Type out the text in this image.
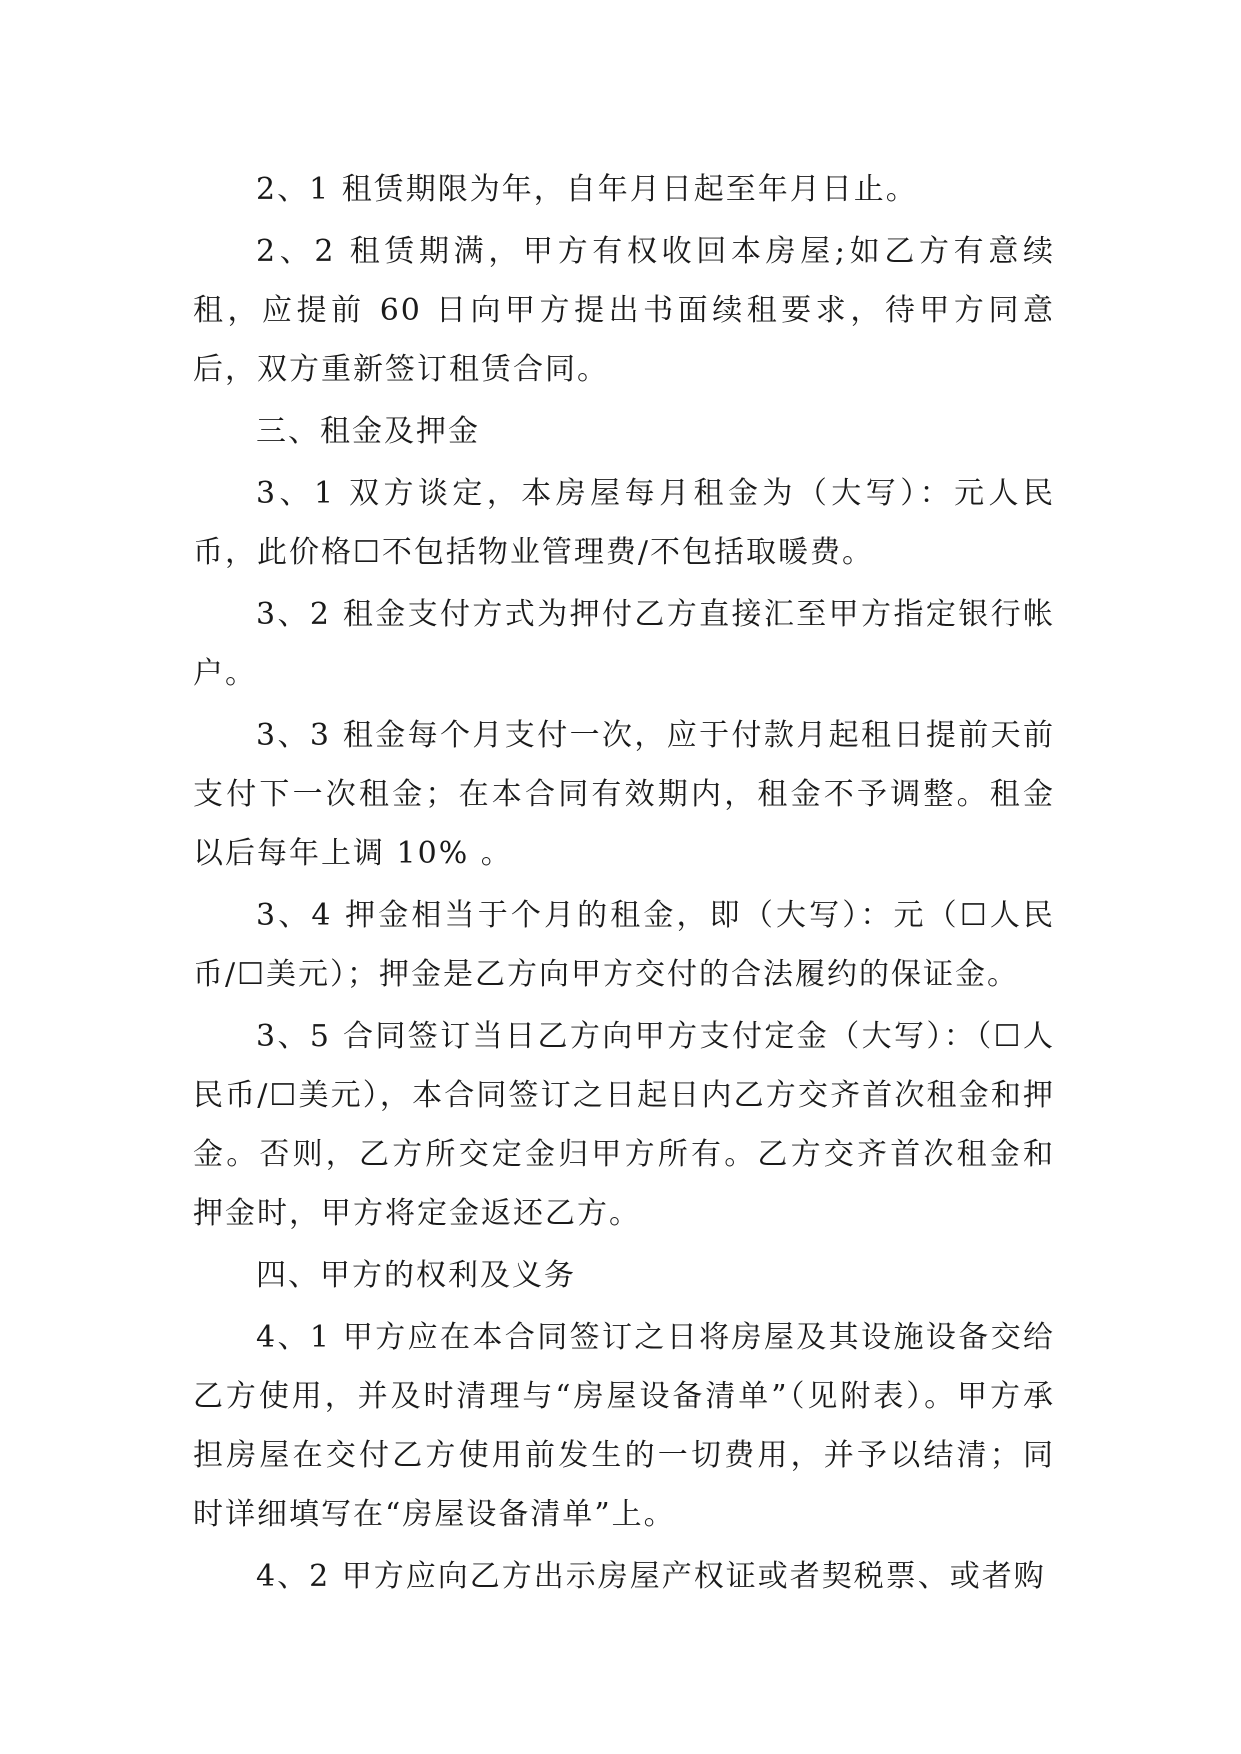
2、1 租赁期限为年，自年月日起至年月日止。

2、2 租赁期满，甲方有权收回本房屋;如乙方有意续租，应提前 60 日向甲方提出书面续租要求，待甲方同意后，双方重新签订租赁合同。

三、租金及押金

3、1 双方谈定，本房屋每月租金为（大写）：元人民币，此价格☐不包括物业管理费/不包括取暖费。

3、2 租金支付方式为押付乙方直接汇至甲方指定银行帐户。

3、3 租金每个月支付一次，应于付款月起租日提前天前支付下一次租金；在本合同有效期内，租金不予调整。租金以后每年上调 10% 。

3、4 押金相当于个月的租金，即（大写）：元（☐人民币/☐美元）；押金是乙方向甲方交付的合法履约的保证金。

3、5 合同签订当日乙方向甲方支付定金（大写）：（☐人民币/☐美元），本合同签订之日起日内乙方交齐首次租金和押金。否则，乙方所交定金归甲方所有。乙方交齐首次租金和押金时，甲方将定金返还乙方。

四、甲方的权利及义务

4、1 甲方应在本合同签订之日将房屋及其设施设备交给乙方使用，并及时清理与“房屋设备清单”（见附表）。甲方承担房屋在交付乙方使用前发生的一切费用，并予以结清；同时详细填写在“房屋设备清单”上。

4、2 甲方应向乙方出示房屋产权证或者契税票、或者购
